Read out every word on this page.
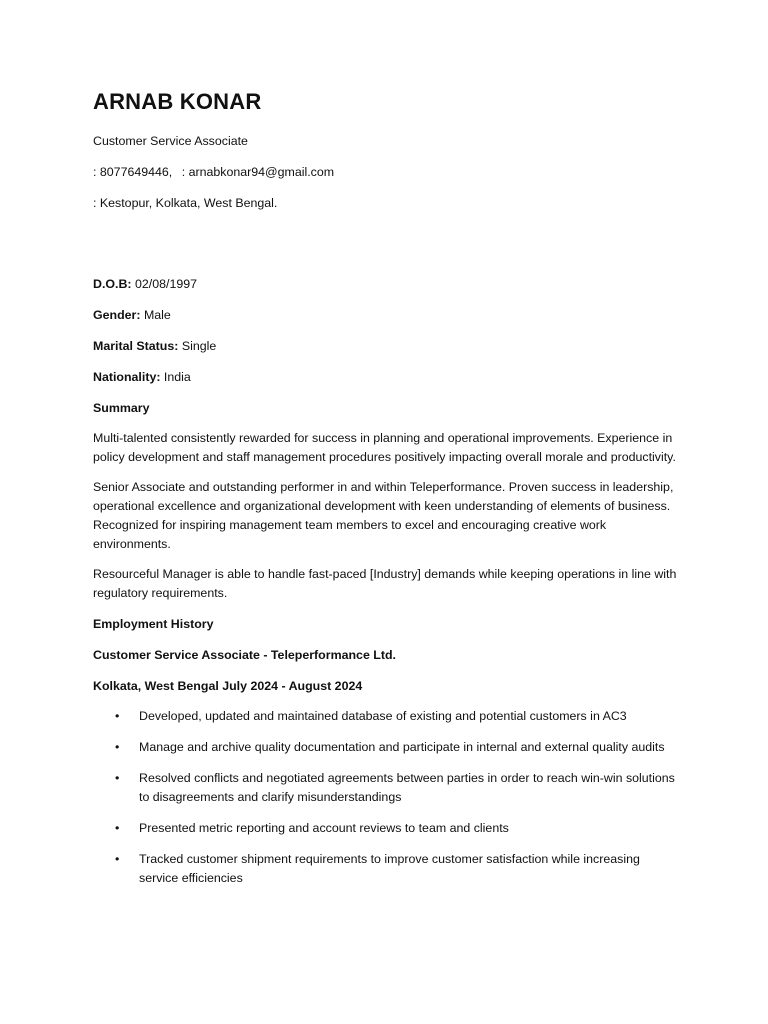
ARNAB KONAR

Customer Service Associate

: 8077649446, : arnabkonar94@gmail.com

: Kestopur, Kolkata, West Bengal.

D.O.B: 02/08/1997

Gender: Male

Marital Status: Single

Nationality: India

Summary

Multi-talented consistently rewarded for success in planning and operational improvements. Experience in policy development and staff management procedures positively impacting overall morale and productivity.

Senior Associate and outstanding performer in and within Teleperformance. Proven success in leadership, operational excellence and organizational development with keen understanding of elements of business. Recognized for inspiring management team members to excel and encouraging creative work environments.

Resourceful Manager is able to handle fast-paced [Industry] demands while keeping operations in line with regulatory requirements.

Employment History

Customer Service Associate - Teleperformance Ltd.

Kolkata, West Bengal July 2024 - August 2024

• Developed, updated and maintained database of existing and potential customers in AC3
• Manage and archive quality documentation and participate in internal and external quality audits
• Resolved conflicts and negotiated agreements between parties in order to reach win-win solutions to disagreements and clarify misunderstandings
• Presented metric reporting and account reviews to team and clients
• Tracked customer shipment requirements to improve customer satisfaction while increasing service efficiencies
